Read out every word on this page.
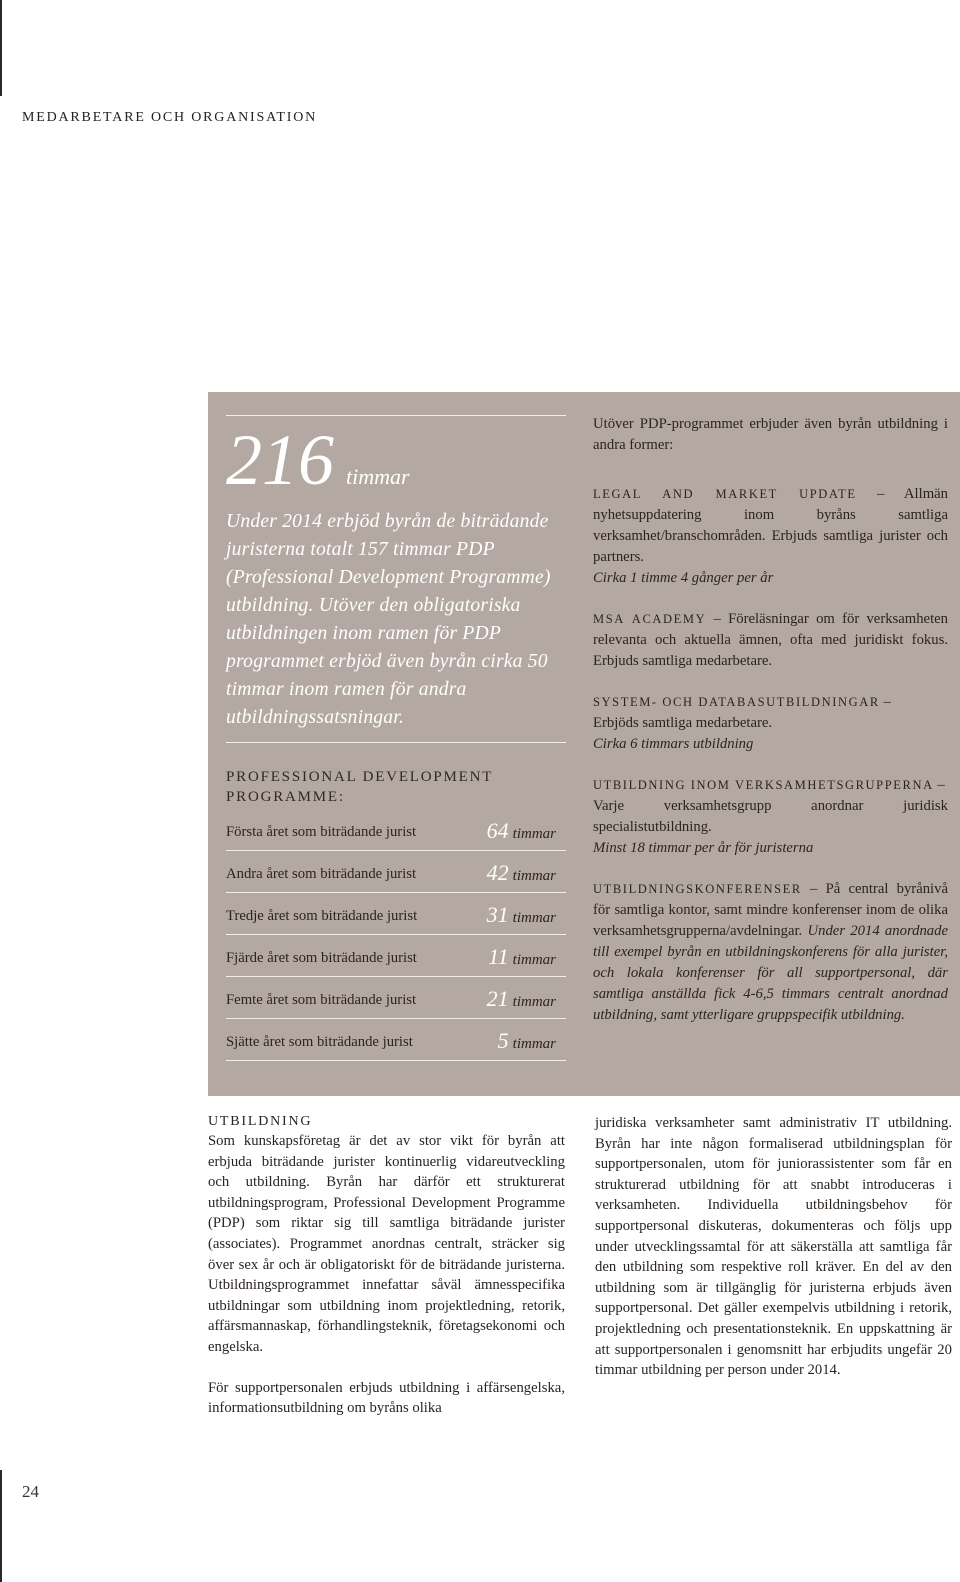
MEDARBETARE OCH ORGANISATION
216 timmar
Under 2014 erbjöd byrån de biträdande juristerna totalt 157 timmar PDP (Professional Development Programme) utbildning. Utöver den obligatoriska utbildningen inom ramen för PDP programmet erbjöd även byrån cirka 50 timmar inom ramen för andra utbildningssatsningar.
PROFESSIONAL DEVELOPMENT PROGRAMME:
Första året som biträdande jurist	64 timmar
Andra året som biträdande jurist	42 timmar
Tredje året som biträdande jurist	31 timmar
Fjärde året som biträdande jurist	11 timmar
Femte året som biträdande jurist	21 timmar
Sjätte året som biträdande jurist	5 timmar

Utöver PDP-programmet erbjuder även byrån utbildning i andra former:

LEGAL AND MARKET UPDATE – Allmän nyhetsuppdatering inom byråns samtliga verksamhet/branschområden. Erbjuds samtliga jurister och partners.
Cirka 1 timme 4 gånger per år

MSA ACADEMY – Föreläsningar om för verksamheten relevanta och aktuella ämnen, ofta med juridiskt fokus. Erbjuds samtliga medarbetare.

SYSTEM- OCH DATABASUTBILDNINGAR –
Erbjöds samtliga medarbetare.
Cirka 6 timmars utbildning

UTBILDNING INOM VERKSAMHETSGRUPPERNA –
Varje verksamhetsgrupp anordnar juridisk specialistutbildning.
Minst 18 timmar per år för juristerna

UTBILDNINGSKONFERENSER – På central byrånivå för samtliga kontor, samt mindre konferenser inom de olika verksamhetsgrupperna/avdelningar. Under 2014 anordnade till exempel byrån en utbildningskonferens för alla jurister, och lokala konferenser för all supportpersonal, där samtliga anställda fick 4-6,5 timmars centralt anordnad utbildning, samt ytterligare gruppspecifik utbildning.

UTBILDNING
Som kunskapsföretag är det av stor vikt för byrån att erbjuda biträdande jurister kontinuerlig vidareutveckling och utbildning. Byrån har därför ett strukturerat utbildningsprogram, Professional Development Programme (PDP) som riktar sig till samtliga biträdande jurister (associates). Programmet anordnas centralt, sträcker sig över sex år och är obligatoriskt för de biträdande juristerna. Utbildningsprogrammet innefattar såväl ämnesspecifika utbildningar som utbildning inom projektledning, retorik, affärsmannaskap, förhandlingsteknik, företagsekonomi och engelska.

För supportpersonalen erbjuds utbildning i affärsengelska, informationsutbildning om byråns olika

juridiska verksamheter samt administrativ IT utbildning. Byrån har inte någon formaliserad utbildningsplan för supportpersonalen, utom för juniorassistenter som får en strukturerad utbildning för att snabbt introduceras i verksamheten. Individuella utbildningsbehov för supportpersonal diskuteras, dokumenteras och följs upp under utvecklingssamtal för att säkerställa att samtliga får den utbildning som respektive roll kräver. En del av den utbildning som är tillgänglig för juristerna erbjuds även supportpersonal. Det gäller exempelvis utbildning i retorik, projektledning och presentationsteknik. En uppskattning är att supportpersonalen i genomsnitt har erbjudits ungefär 20 timmar utbildning per person under 2014.

24
